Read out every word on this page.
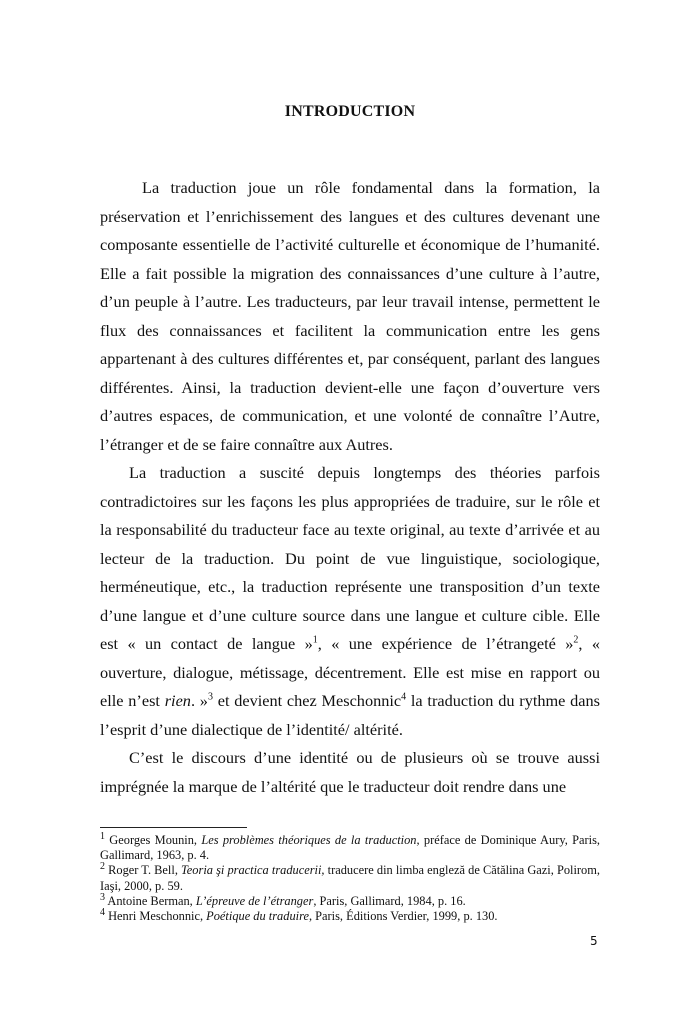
INTRODUCTION

La traduction joue un rôle fondamental dans la formation, la préservation et l’enrichissement des langues et des cultures devenant une composante essentielle de l’activité culturelle et économique de l’humanité. Elle a fait possible la migration des connaissances d’une culture à l’autre, d’un peuple à l’autre. Les traducteurs, par leur travail intense, permettent le flux des connaissances et facilitent la communication entre les gens appartenant à des cultures différentes et, par conséquent, parlant des langues différentes. Ainsi, la traduction devient-elle une façon d’ouverture vers d’autres espaces, de communication, et une volonté de connaître l’Autre, l’étranger et de se faire connaître aux Autres.

La traduction a suscité depuis longtemps des théories parfois contradictoires sur les façons les plus appropriées de traduire, sur le rôle et la responsabilité du traducteur face au texte original, au texte d’arrivée et au lecteur de la traduction. Du point de vue linguistique, sociologique, herméneutique, etc., la traduction représente une transposition d’un texte d’une langue et d’une culture source dans une langue et culture cible. Elle est « un contact de langue »$^1$, « une expérience de l’étrangeté »$^2$, « ouverture, dialogue, métissage, décentrement. Elle est mise en rapport ou elle n’est rien. »$^3$ et devient chez Meschonnic$^4$ la traduction du rythme dans l’esprit d’une dialectique de l’identité/ altérité.

C’est le discours d’une identité ou de plusieurs où se trouve aussi imprégnée la marque de l’altérité que le traducteur doit rendre dans une

$^1$ Georges Mounin, Les problèmes théoriques de la traduction, préface de Dominique Aury, Paris, Gallimard, 1963, p. 4.

$^2$ Roger T. Bell, Teoria şi practica traducerii, traducere din limba engleză de Cătălina Gazi, Polirom, Iaşi, 2000, p. 59.

$^3$ Antoine Berman, L’épreuve de l’étranger, Paris, Gallimard, 1984, p. 16.

$^4$ Henri Meschonnic, Poétique du traduire, Paris, Éditions Verdier, 1999, p. 130.

5
